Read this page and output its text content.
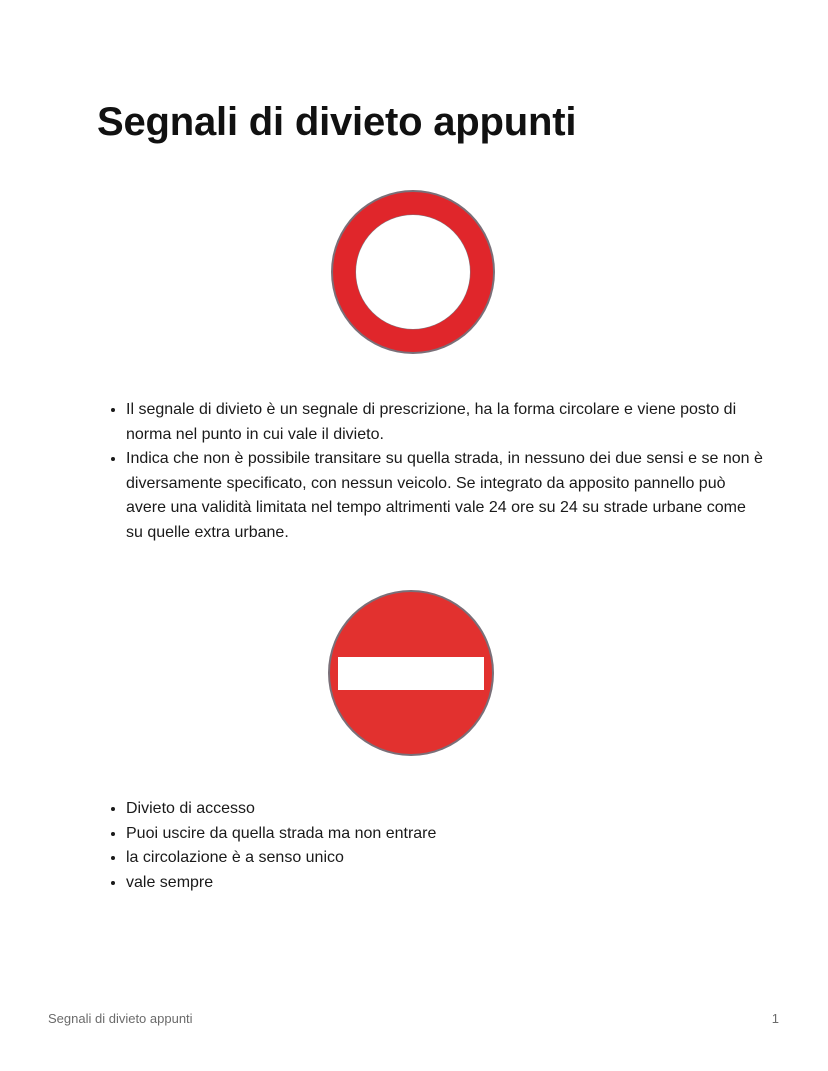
Segnali di divieto appunti
• Il segnale di divieto è un segnale di prescrizione, ha la forma circolare e viene posto di norma nel punto in cui vale il divieto.
• Indica che non è possibile transitare su quella strada, in nessuno dei due sensi e se non è diversamente specificato, con nessun veicolo. Se integrato da apposito pannello può avere una validità limitata nel tempo altrimenti vale 24 ore su 24 su strade urbane come su quelle extra urbane.
• Divieto di accesso
• Puoi uscire da quella strada ma non entrare
• la circolazione è a senso unico
• vale sempre
Segnali di divieto appunti	1
